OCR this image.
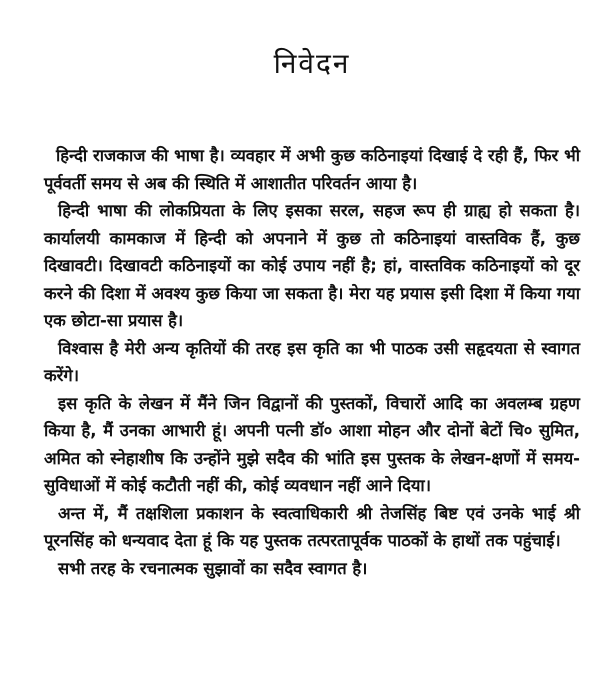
निवेदन

हिन्दी राजकाज की भाषा है। व्यवहार में अभी कुछ कठिनाइयां दिखाई दे रही हैं, फिर भी पूर्ववर्ती समय से अब की स्थिति में आशातीत परिवर्तन आया है।

हिन्दी भाषा की लोकप्रियता के लिए इसका सरल, सहज रूप ही ग्राह्य हो सकता है। कार्यालयी कामकाज में हिन्दी को अपनाने में कुछ तो कठिनाइयां वास्तविक हैं, कुछ दिखावटी। दिखावटी कठिनाइयों का कोई उपाय नहीं है; हां, वास्तविक कठिनाइयों को दूर करने की दिशा में अवश्य कुछ किया जा सकता है। मेरा यह प्रयास इसी दिशा में किया गया एक छोटा-सा प्रयास है।

विश्वास है मेरी अन्य कृतियों की तरह इस कृति का भी पाठक उसी सहृदयता से स्वागत करेंगे।

इस कृति के लेखन में मैंने जिन विद्वानों की पुस्तकों, विचारों आदि का अवलम्ब ग्रहण किया है, मैं उनका आभारी हूं। अपनी पत्नी डॉ० आशा मोहन और दोनों बेटों चि० सुमित, अमित को स्नेहाशीष कि उन्होंने मुझे सदैव की भांति इस पुस्तक के लेखन-क्षणों में समय-सुविधाओं में कोई कटौती नहीं की, कोई व्यवधान नहीं आने दिया।

अन्त में, मैं तक्षशिला प्रकाशन के स्वत्वाधिकारी श्री तेजसिंह बिष्ट एवं उनके भाई श्री पूरनसिंह को धन्यवाद देता हूं कि यह पुस्तक तत्परतापूर्वक पाठकों के हाथों तक पहुंचाई।

सभी तरह के रचनात्मक सुझावों का सदैव स्वागत है।
